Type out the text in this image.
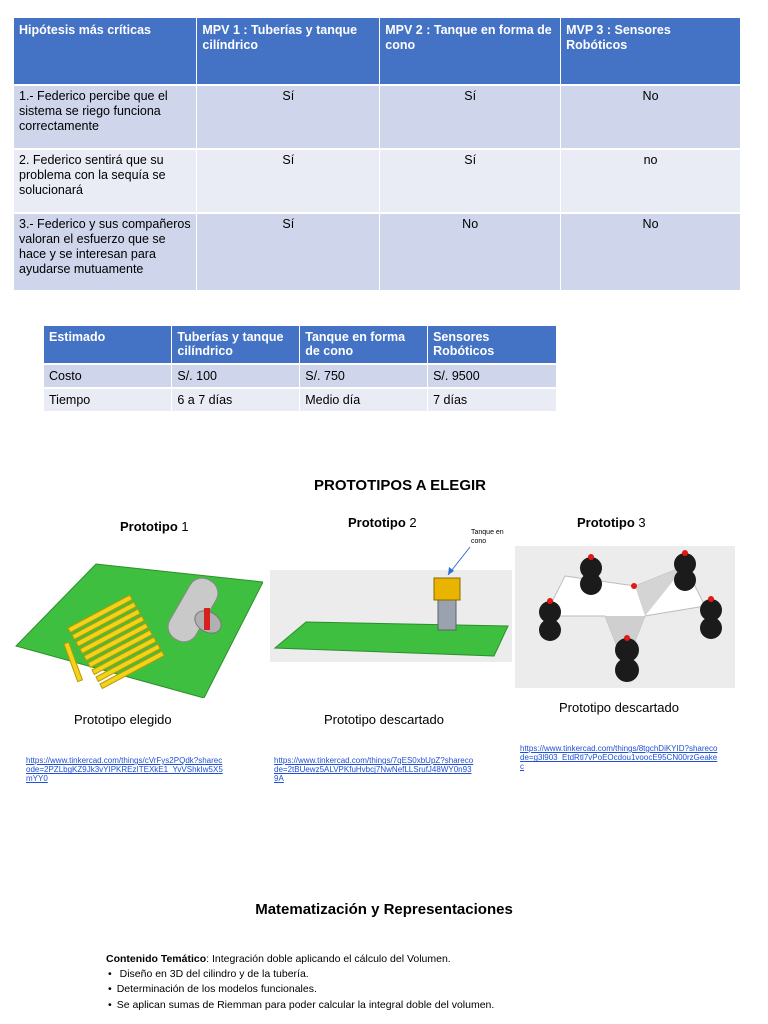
Hipótesis más críticas	MPV 1 : Tuberías y tanque cilíndrico	MPV 2 : Tanque en forma de cono	MVP 3 : Sensores Robóticos
1.- Federico percibe que el sistema se riego funciona correctamente	Sí	Sí	No
2. Federico sentirá que su problema con la sequía se solucionará	Sí	Sí	no
3.- Federico y sus compañeros valoran el esfuerzo que se hace y se interesan para ayudarse mutuamente	Sí	No	No
Estimado	Tuberías y tanque cilíndrico	Tanque en forma de cono	Sensores Robóticos
Costo	S/. 100	S/. 750	S/. 9500
Tiempo	6 a 7 días	Medio día	7 días
PROTOTIPOS A ELEGIR
Prototipo 1
Prototipo elegido
https://www.tinkercad.com/things/cVrFys2PQdk?sharecode=2PZLbgKZ9Jk3vYIPKREzITEXkE1_YvVShkIw5X5mYY0
Prototipo 2
Tanque en cono
Prototipo descartado
https://www.tinkercad.com/things/7qES0xbUpZ?sharecode=2tBUewz5ALVPKfuHvbcj7NwNefLLSrufJ48WY0n939A
Prototipo 3
Prototipo descartado
https://www.tinkercad.com/things/8tgchDiKYID?sharecode=g3l903_EtdRtl7vPoEOcdou1voocE95CN00rzGeakec
Matematización y Representaciones
Contenido Temático: Integración doble aplicando el cálculo del Volumen.
• Diseño en 3D del cilindro y de la tubería.
• Determinación de los modelos funcionales.
• Se aplican sumas de Riemman para poder calcular la integral doble del volumen.
